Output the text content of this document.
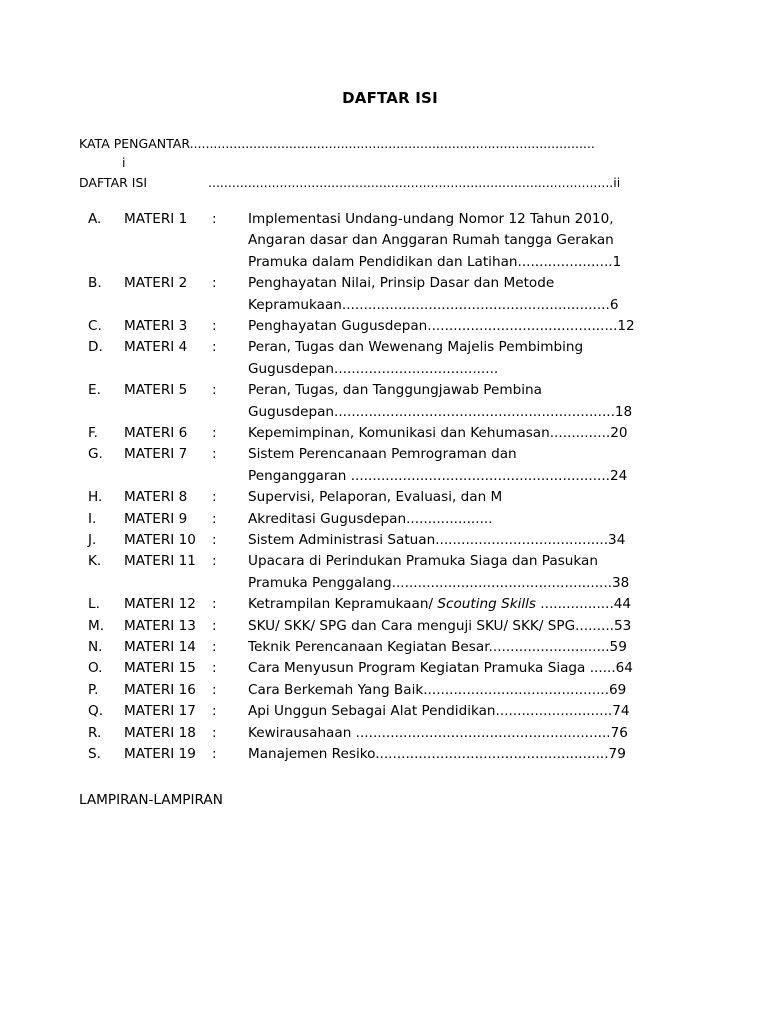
DAFTAR ISI
KATA PENGANTAR......................................................................................................
i
DAFTAR ISI	......................................................................................................ii
A. MATERI 1 : Implementasi Undang-undang Nomor 12 Tahun 2010,
Angaran dasar dan Anggaran Rumah tangga Gerakan
Pramuka dalam Pendidikan dan Latihan......................1
B. MATERI 2 : Penghayatan Nilai, Prinsip Dasar dan Metode
Kepramukaan..............................................................6
C. MATERI 3 : Penghayatan Gugusdepan............................................12
D. MATERI 4 : Peran, Tugas dan Wewenang Majelis Pembimbing
Gugusdepan......................................
E. MATERI 5 : Peran, Tugas, dan Tanggungjawab Pembina
Gugusdepan.................................................................18
F. MATERI 6 : Kepemimpinan, Komunikasi dan Kehumasan..............20
G. MATERI 7 : Sistem Perencanaan Pemrograman dan
Penganggaran ............................................................24
H. MATERI 8 : Supervisi, Pelaporan, Evaluasi, dan M
I. MATERI 9 : Akreditasi Gugusdepan....................
J. MATERI 10 : Sistem Administrasi Satuan........................................34
K. MATERI 11 : Upacara di Perindukan Pramuka Siaga dan Pasukan
Pramuka Penggalang...................................................38
L. MATERI 12 : Ketrampilan Kepramukaan/ Scouting Skills .................44
M. MATERI 13 : SKU/ SKK/ SPG dan Cara menguji SKU/ SKK/ SPG.........53
N. MATERI 14 : Teknik Perencanaan Kegiatan Besar............................59
O. MATERI 15 : Cara Menyusun Program Kegiatan Pramuka Siaga ......64
P. MATERI 16 : Cara Berkemah Yang Baik...........................................69
Q. MATERI 17 : Api Unggun Sebagai Alat Pendidikan...........................74
R. MATERI 18 : Kewirausahaan ...........................................................76
S. MATERI 19 : Manajemen Resiko......................................................79
LAMPIRAN-LAMPIRAN
